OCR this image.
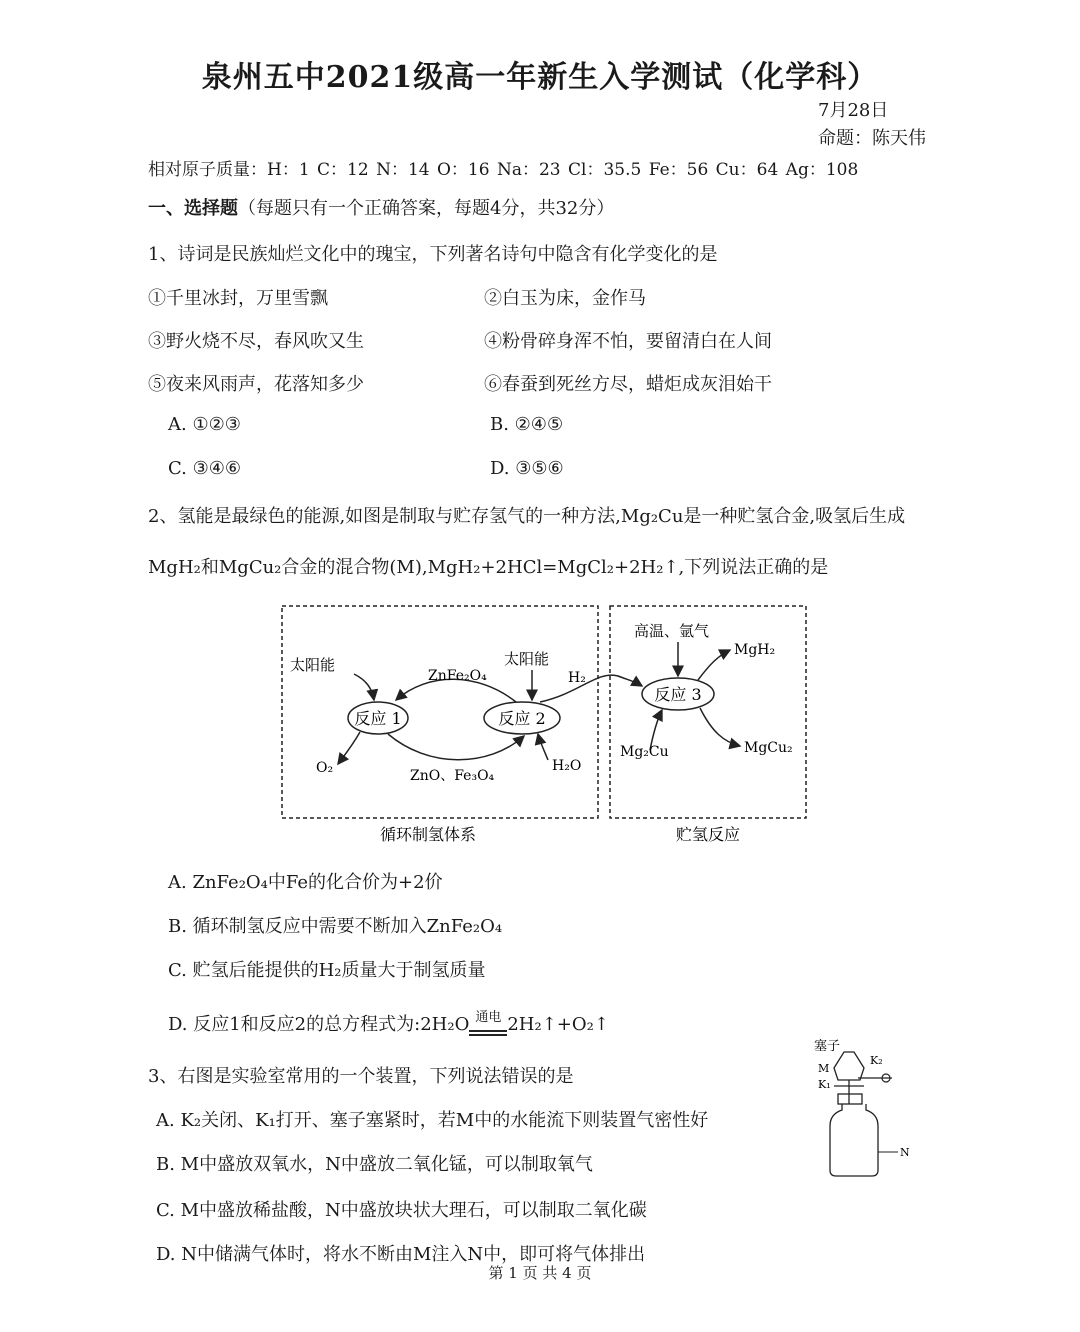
泉州五中2021级高一年新生入学测试（化学科）
7月28日
命题：陈天伟
相对原子质量：H：1 C：12 N：14 O：16 Na：23 Cl：35.5 Fe：56 Cu：64 Ag：108
一、选择题（每题只有一个正确答案，每题4分，共32分）
1、诗词是民族灿烂文化中的瑰宝，下列著名诗句中隐含有化学变化的是
①千里冰封，万里雪飘	②白玉为床，金作马
③野火烧不尽，春风吹又生	④粉骨碎身浑不怕，要留清白在人间
⑤夜来风雨声，花落知多少	⑥春蚕到死丝方尽，蜡炬成灰泪始干
A. ①②③	B. ②④⑤
C. ③④⑥	D. ③⑤⑥
2、氢能是最绿色的能源,如图是制取与贮存氢气的一种方法,Mg₂Cu是一种贮氢合金,吸氢后生成
MgH₂和MgCu₂合金的混合物(M),MgH₂+2HCl=MgCl₂+2H₂↑,下列说法正确的是
反应 1	反应 2
反应 3
ZnFe₂O₄
ZnO、Fe₃O₄
太阳能	太阳能
O₂	H₂O
H₂
高温、氩气
MgH₂
Mg₂Cu	MgCu₂
循环制氢体系	贮氢反应
A. ZnFe₂O₄中Fe的化合价为+2价
B. 循环制氢反应中需要不断加入ZnFe₂O₄
C. 贮氢后能提供的H₂质量大于制氢质量
D. 反应1和反应2的总方程式为:2H₂O 通电 2H₂↑+O₂↑
3、右图是实验室常用的一个装置，下列说法错误的是
A. K₂关闭、K₁打开、塞子塞紧时，若M中的水能流下则装置气密性好
B. M中盛放双氧水，N中盛放二氧化锰，可以制取氧气
C. M中盛放稀盐酸，N中盛放块状大理石，可以制取二氧化碳
D. N中储满气体时，将水不断由M注入N中，即可将气体排出
塞子
K₂
M
K₁
N
第 1 页 共 4 页
